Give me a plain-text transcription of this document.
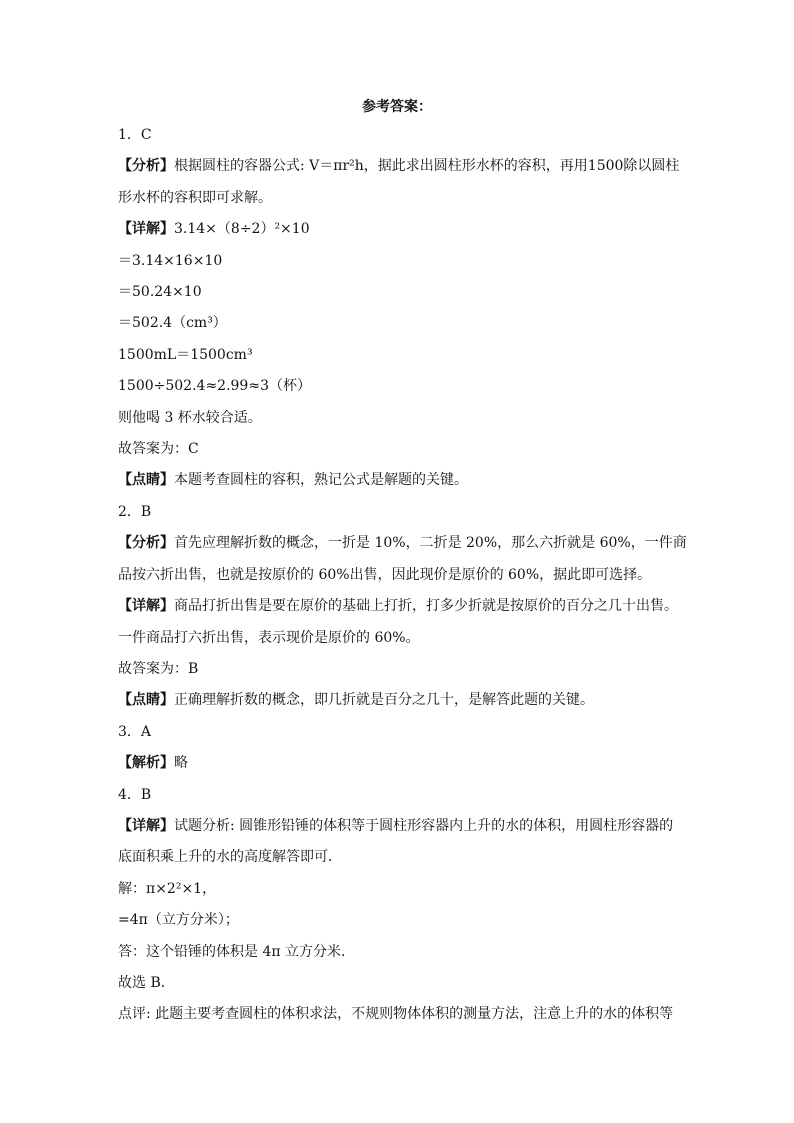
参考答案：
1．C
【分析】根据圆柱的容器公式: V＝πr²h，据此求出圆柱形水杯的容积，再用1500除以圆柱
形水杯的容积即可求解。
【详解】3.14×（8÷2）²×10
＝3.14×16×10
＝50.24×10
＝502.4（cm³）
1500mL＝1500cm³
1500÷502.4≈2.99≈3（杯）
则他喝 3 杯水较合适。
故答案为：C
【点睛】本题考查圆柱的容积，熟记公式是解题的关键。
2．B
【分析】首先应理解折数的概念，一折是 10%，二折是 20%，那么六折就是 60%，一件商
品按六折出售，也就是按原价的 60%出售，因此现价是原价的 60%，据此即可选择。
【详解】商品打折出售是要在原价的基础上打折，打多少折就是按原价的百分之几十出售。
一件商品打六折出售，表示现价是原价的 60%。
故答案为：B
【点睛】正确理解折数的概念，即几折就是百分之几十，是解答此题的关键。
3．A
【解析】略
4．B
【详解】试题分析: 圆锥形铅锤的体积等于圆柱形容器内上升的水的体积，用圆柱形容器的
底面积乘上升的水的高度解答即可．
解：π×2²×1，
=4π（立方分米）；
答：这个铅锤的体积是 4π 立方分米．
故选 B．
点评: 此题主要考查圆柱的体积求法，不规则物体体积的测量方法，注意上升的水的体积等
